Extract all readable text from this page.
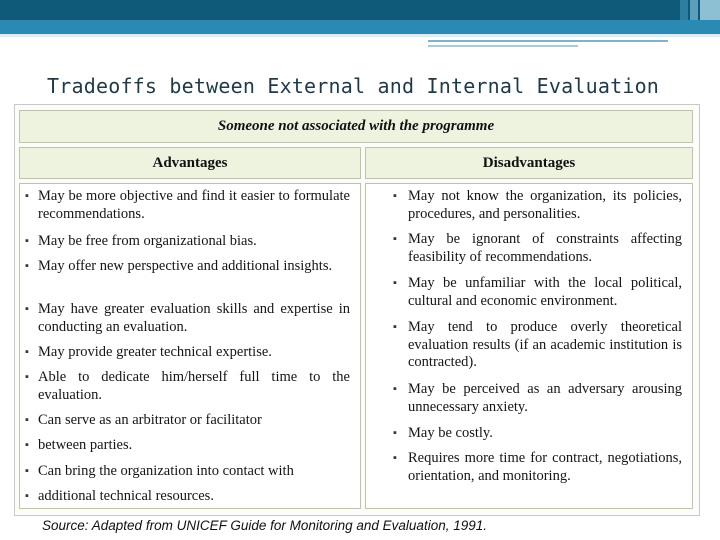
Tradeoffs between External and Internal Evaluation
Someone not associated with the programme
Advantages	Disadvantages
▪ May be more objective and find it easier to formulate recommendations.
▪ May be free from organizational bias.
▪ May offer new perspective and additional insights.
▪ May have greater evaluation skills and expertise in conducting an evaluation.
▪ May provide greater technical expertise.
▪ Able to dedicate him/herself full time to the evaluation.
▪ Can serve as an arbitrator or facilitator
▪ between parties.
▪ Can bring the organization into contact with
▪ additional technical resources.
▪ May not know the organization, its policies, procedures, and personalities.
▪ May be ignorant of constraints affecting feasibility of recommendations.
▪ May be unfamiliar with the local political, cultural and economic environment.
▪ May tend to produce overly theoretical evaluation results (if an academic institution is contracted).
▪ May be perceived as an adversary arousing unnecessary anxiety.
▪ May be costly.
▪ Requires more time for contract, negotiations, orientation, and monitoring.
Source: Adapted from UNICEF Guide for Monitoring and Evaluation, 1991.
